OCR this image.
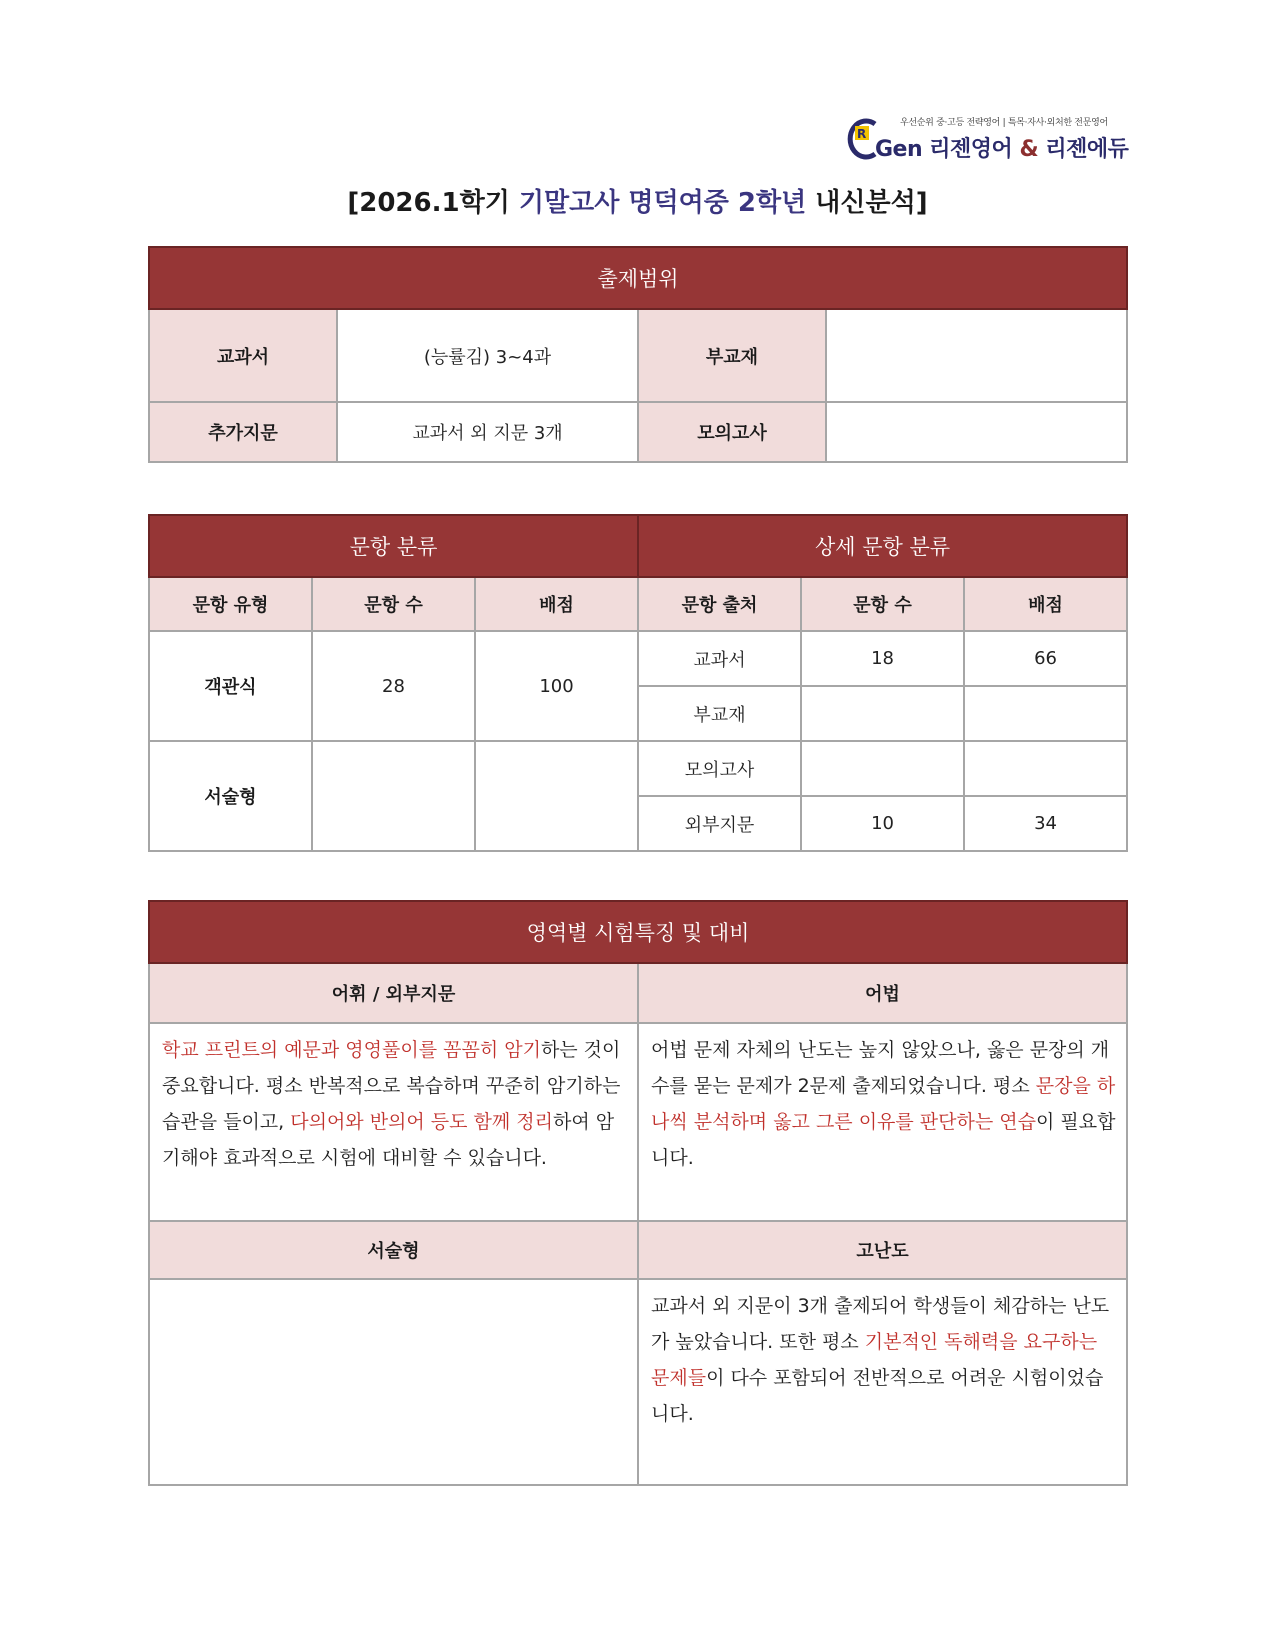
우선순위 중·고등 전략영어 | 특목·자사·외처한 전문영어
R
Gen 리젠영어 & 리젠에듀
[2026.1학기 기말고사 명덕여중 2학년 내신분석]
출제범위			
교과서	(능률김) 3~4과	부교재	
추가지문	교과서 외 지문 3개	모의고사	
문항 분류			상세 문항 분류		
문항 유형	문항 수	배점	문항 출처	문항 수	배점
객관식	28	100	교과서	18	66
			부교재		
서술형			모의고사		
			외부지문	10	34
영역별 시험특징 및 대비	
어휘 / 외부지문	어법
학교 프린트의 예문과 영영풀이를 꼼꼼히 암기하는 것이 중요합니다. 평소 반복적으로 복습하며 꾸준히 암기하는 습관을 들이고, 다의어와 반의어 등도 함께 정리하여 암기해야 효과적으로 시험에 대비할 수 있습니다.	어법 문제 자체의 난도는 높지 않았으나, 옳은 문장의 개수를 묻는 문제가 2문제 출제되었습니다. 평소 문장을 하나씩 분석하며 옳고 그른 이유를 판단하는 연습이 필요합니다.
서술형	고난도
	교과서 외 지문이 3개 출제되어 학생들이 체감하는 난도가 높았습니다. 또한 평소 기본적인 독해력을 요구하는 문제들이 다수 포함되어 전반적으로 어려운 시험이었습니다.
